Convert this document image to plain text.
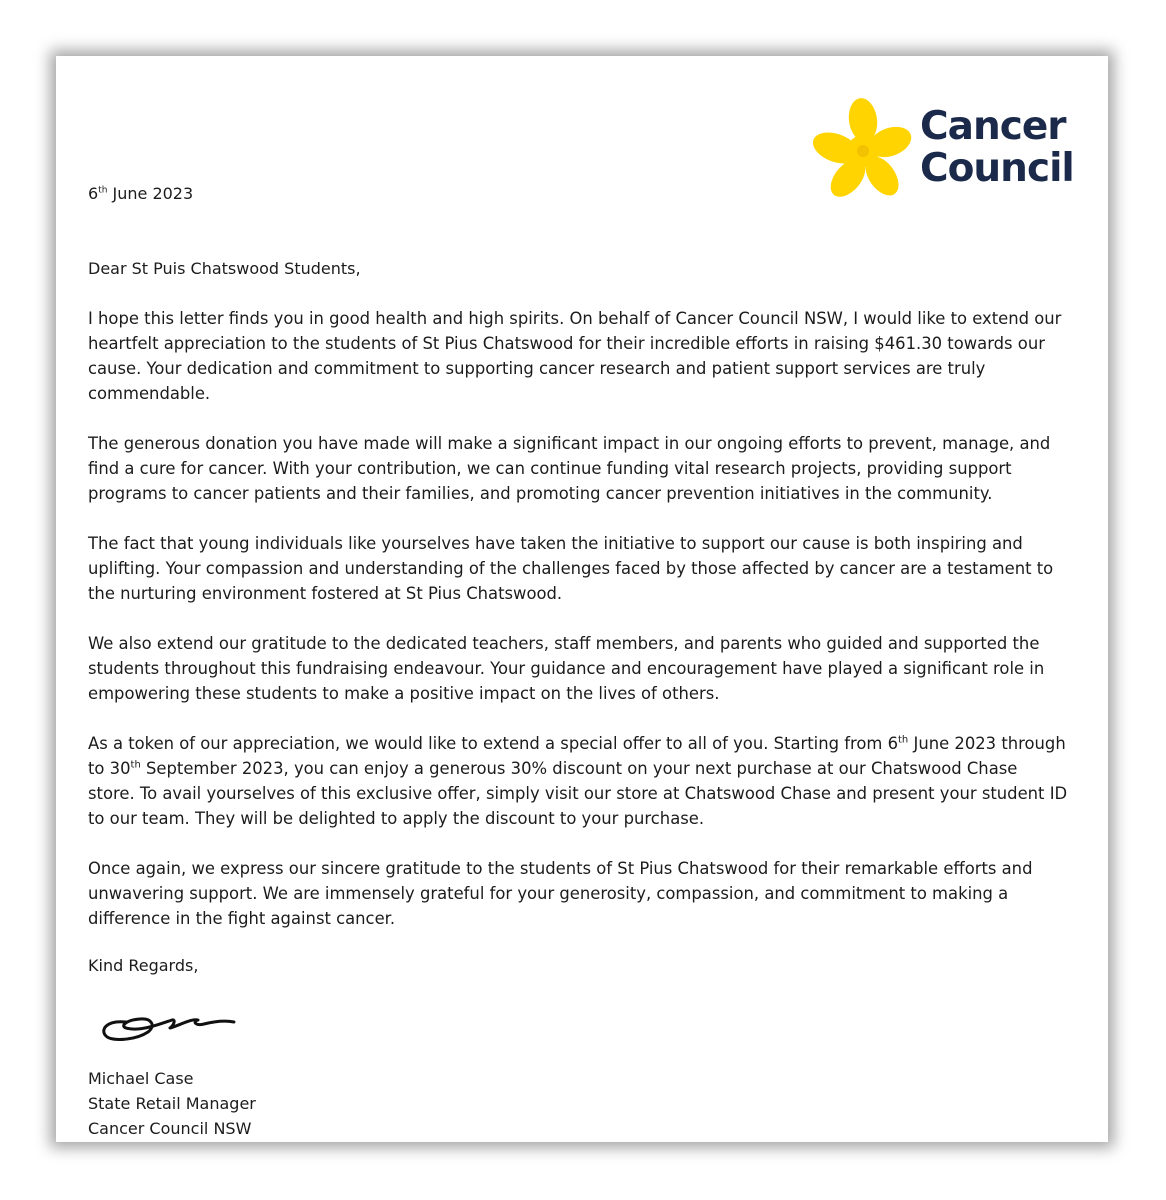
Cancer
Council
6th June 2023
Dear St Puis Chatswood Students,

I hope this letter finds you in good health and high spirits. On behalf of Cancer Council NSW, I would like to extend our heartfelt appreciation to the students of St Pius Chatswood for their incredible efforts in raising $461.30 towards our cause. Your dedication and commitment to supporting cancer research and patient support services are truly commendable.

The generous donation you have made will make a significant impact in our ongoing efforts to prevent, manage, and find a cure for cancer. With your contribution, we can continue funding vital research projects, providing support programs to cancer patients and their families, and promoting cancer prevention initiatives in the community.

The fact that young individuals like yourselves have taken the initiative to support our cause is both inspiring and uplifting. Your compassion and understanding of the challenges faced by those affected by cancer are a testament to the nurturing environment fostered at St Pius Chatswood.

We also extend our gratitude to the dedicated teachers, staff members, and parents who guided and supported the students throughout this fundraising endeavour. Your guidance and encouragement have played a significant role in empowering these students to make a positive impact on the lives of others.

As a token of our appreciation, we would like to extend a special offer to all of you. Starting from 6th June 2023 through to 30th September 2023, you can enjoy a generous 30% discount on your next purchase at our Chatswood Chase store. To avail yourselves of this exclusive offer, simply visit our store at Chatswood Chase and present your student ID to our team. They will be delighted to apply the discount to your purchase.

Once again, we express our sincere gratitude to the students of St Pius Chatswood for their remarkable efforts and unwavering support. We are immensely grateful for your generosity, compassion, and commitment to making a difference in the fight against cancer.

Kind Regards,
Michael Case
State Retail Manager
Cancer Council NSW
